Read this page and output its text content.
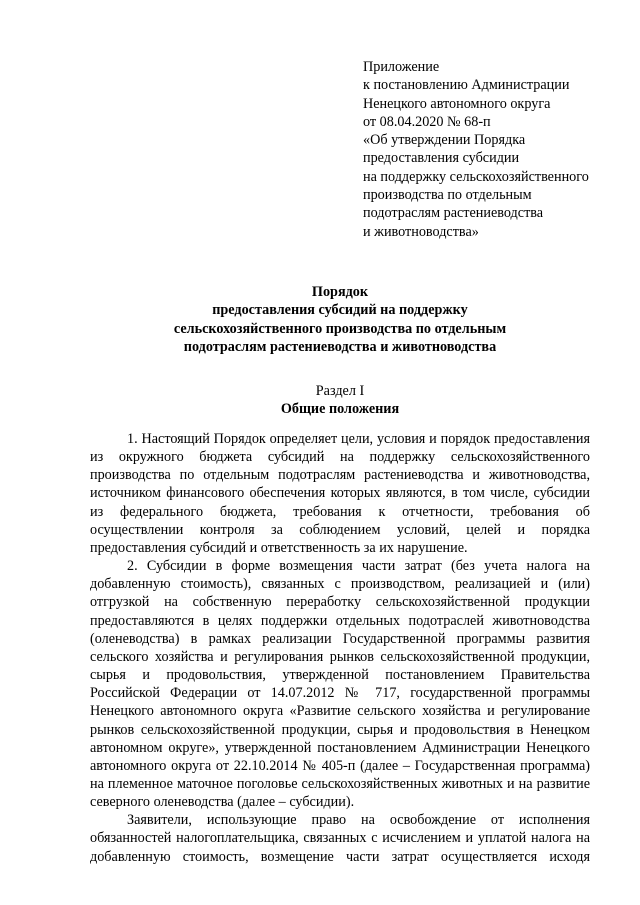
Приложение
к постановлению Администрации
Ненецкого автономного округа
от 08.04.2020 № 68-п
«Об утверждении Порядка
предоставления субсидии
на поддержку сельскохозяйственного
производства по отдельным
подотраслям растениеводства
и животноводства»
Порядок
предоставления субсидий на поддержку
сельскохозяйственного производства по отдельным
подотраслям растениеводства и животноводства
Раздел I
Общие положения

1. Настоящий Порядок определяет цели, условия и порядок предоставления из окружного бюджета субсидий на поддержку сельскохозяйственного производства по отдельным подотраслям растениеводства и животноводства, источником финансового обеспечения которых являются, в том числе, субсидии из федерального бюджета, требования к отчетности, требования об осуществлении контроля за соблюдением условий, целей и порядка предоставления субсидий и ответственность за их нарушение.

2. Субсидии в форме возмещения части затрат (без учета налога на добавленную стоимость), связанных с производством, реализацией и (или) отгрузкой на собственную переработку сельскохозяйственной продукции предоставляются в целях поддержки отдельных подотраслей животноводства (оленеводства) в рамках реализации Государственной программы развития сельского хозяйства и регулирования рынков сельскохозяйственной продукции, сырья и продовольствия, утвержденной постановлением Правительства Российской Федерации от 14.07.2012 № 717, государственной программы Ненецкого автономного округа «Развитие сельского хозяйства и регулирование рынков сельскохозяйственной продукции, сырья и продовольствия в Ненецком автономном округе», утвержденной постановлением Администрации Ненецкого автономного округа от 22.10.2014 № 405-п (далее – Государственная программа) на племенное маточное поголовье сельскохозяйственных животных и на развитие северного оленеводства (далее – субсидии).

Заявители, использующие право на освобождение от исполнения обязанностей налогоплательщика, связанных с исчислением и уплатой налога на добавленную стоимость, возмещение части затрат осуществляется исходя
